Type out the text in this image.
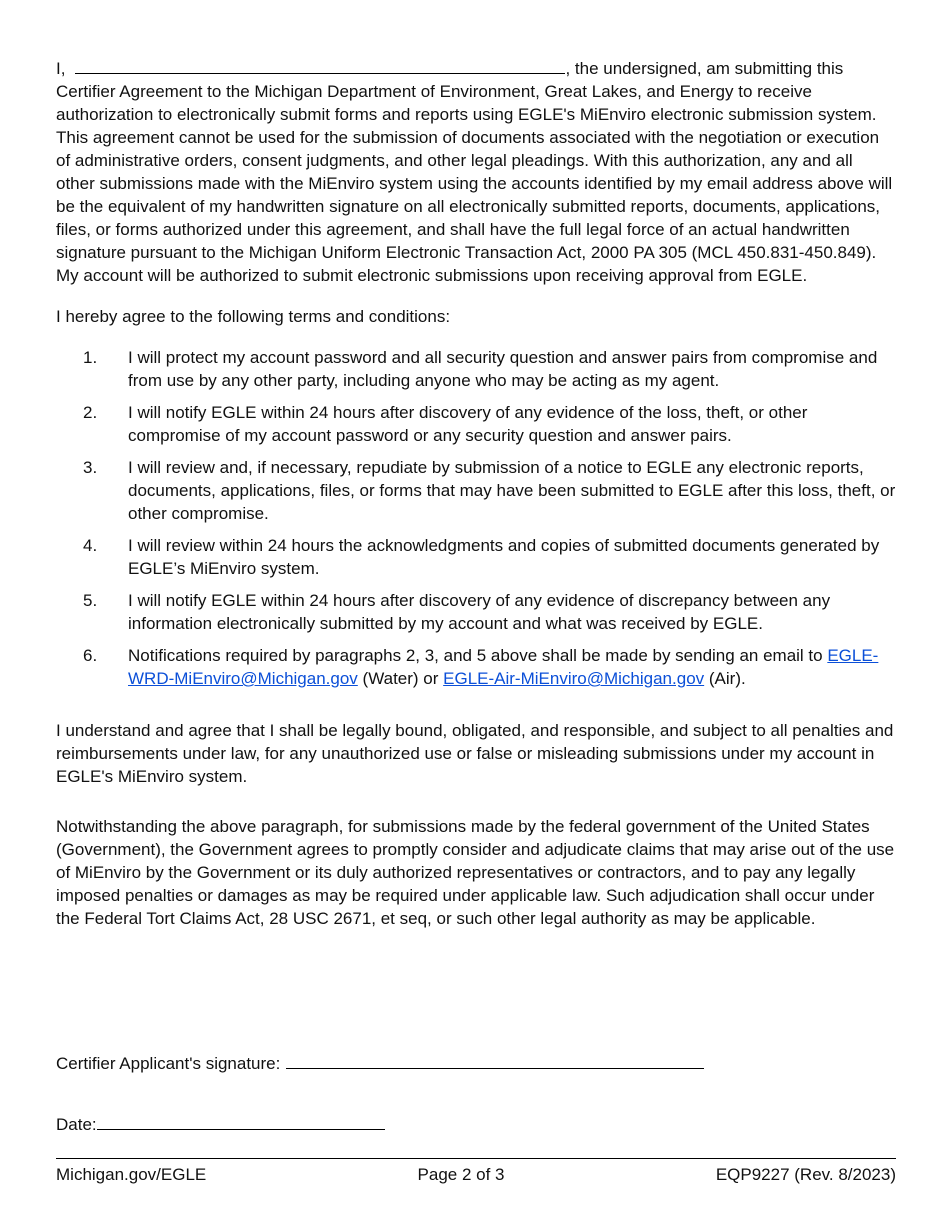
I,	, the undersigned, am submitting this

Certifier Agreement to the Michigan Department of Environment, Great Lakes, and Energy to receive authorization to electronically submit forms and reports using EGLE's MiEnviro electronic submission system. This agreement cannot be used for the submission of documents associated with the negotiation or execution of administrative orders, consent judgments, and other legal pleadings. With this authorization, any and all other submissions made with the MiEnviro system using the accounts identified by my email address above will be the equivalent of my handwritten signature on all electronically submitted reports, documents, applications, files, or forms authorized under this agreement, and shall have the full legal force of an actual handwritten signature pursuant to the Michigan Uniform Electronic Transaction Act, 2000 PA 305 (MCL 450.831-450.849). My account will be authorized to submit electronic submissions upon receiving approval from EGLE.

I hereby agree to the following terms and conditions:

1.	I will protect my account password and all security question and answer pairs from compromise and from use by any other party, including anyone who may be acting as my agent.
2.	I will notify EGLE within 24 hours after discovery of any evidence of the loss, theft, or other compromise of my account password or any security question and answer pairs.
3.	I will review and, if necessary, repudiate by submission of a notice to EGLE any electronic reports, documents, applications, files, or forms that may have been submitted to EGLE after this loss, theft, or other compromise.
4.	I will review within 24 hours the acknowledgments and copies of submitted documents generated by EGLE’s MiEnviro system.
5.	I will notify EGLE within 24 hours after discovery of any evidence of discrepancy between any information electronically submitted by my account and what was received by EGLE.
6.	Notifications required by paragraphs 2, 3, and 5 above shall be made by sending an email to EGLE-WRD-MiEnviro@Michigan.gov (Water) or EGLE-Air-MiEnviro@Michigan.gov (Air).

I understand and agree that I shall be legally bound, obligated, and responsible, and subject to all penalties and reimbursements under law, for any unauthorized use or false or misleading submissions under my account in EGLE's MiEnviro system.

Notwithstanding the above paragraph, for submissions made by the federal government of the United States (Government), the Government agrees to promptly consider and adjudicate claims that may arise out of the use of MiEnviro by the Government or its duly authorized representatives or contractors, and to pay any legally imposed penalties or damages as may be required under applicable law. Such adjudication shall occur under the Federal Tort Claims Act, 28 USC 2671, et seq, or such other legal authority as may be applicable.

Certifier Applicant's signature:
Date:
Michigan.gov/EGLE	Page 2 of 3	EQP9227 (Rev. 8/2023)
